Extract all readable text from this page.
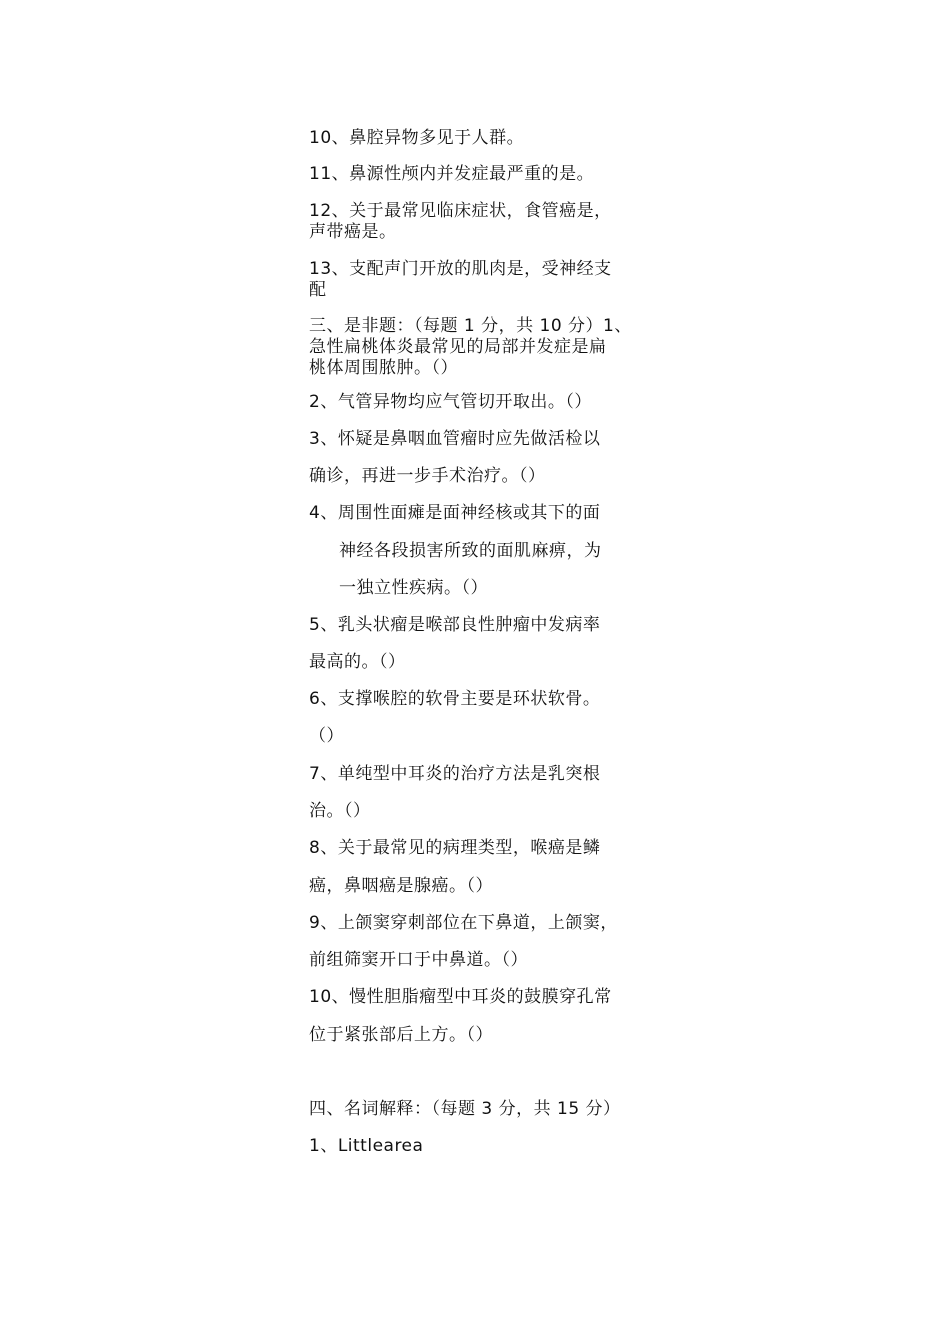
10、鼻腔异物多见于人群。
11、鼻源性颅内并发症最严重的是。
12、关于最常见临床症状，食管癌是，
声带癌是。
13、支配声门开放的肌肉是，受神经支
配
三、是非题：（每题 1 分，共 10 分）1、
急性扁桃体炎最常见的局部并发症是扁
桃体周围脓肿。（）
2、气管异物均应气管切开取出。（）
3、怀疑是鼻咽血管瘤时应先做活检以
确诊，再进一步手术治疗。（）
4、周围性面瘫是面神经核或其下的面
神经各段损害所致的面肌麻痹，为
一独立性疾病。（）
5、乳头状瘤是喉部良性肿瘤中发病率
最高的。（）
6、支撑喉腔的软骨主要是环状软骨。
（）
7、单纯型中耳炎的治疗方法是乳突根
治。（）
8、关于最常见的病理类型，喉癌是鳞
癌，鼻咽癌是腺癌。（）
9、上颌窦穿刺部位在下鼻道，上颌窦，
前组筛窦开口于中鼻道。（）
10、慢性胆脂瘤型中耳炎的鼓膜穿孔常
位于紧张部后上方。（）
四、名词解释：（每题 3 分，共 15 分）
1、Littlearea
